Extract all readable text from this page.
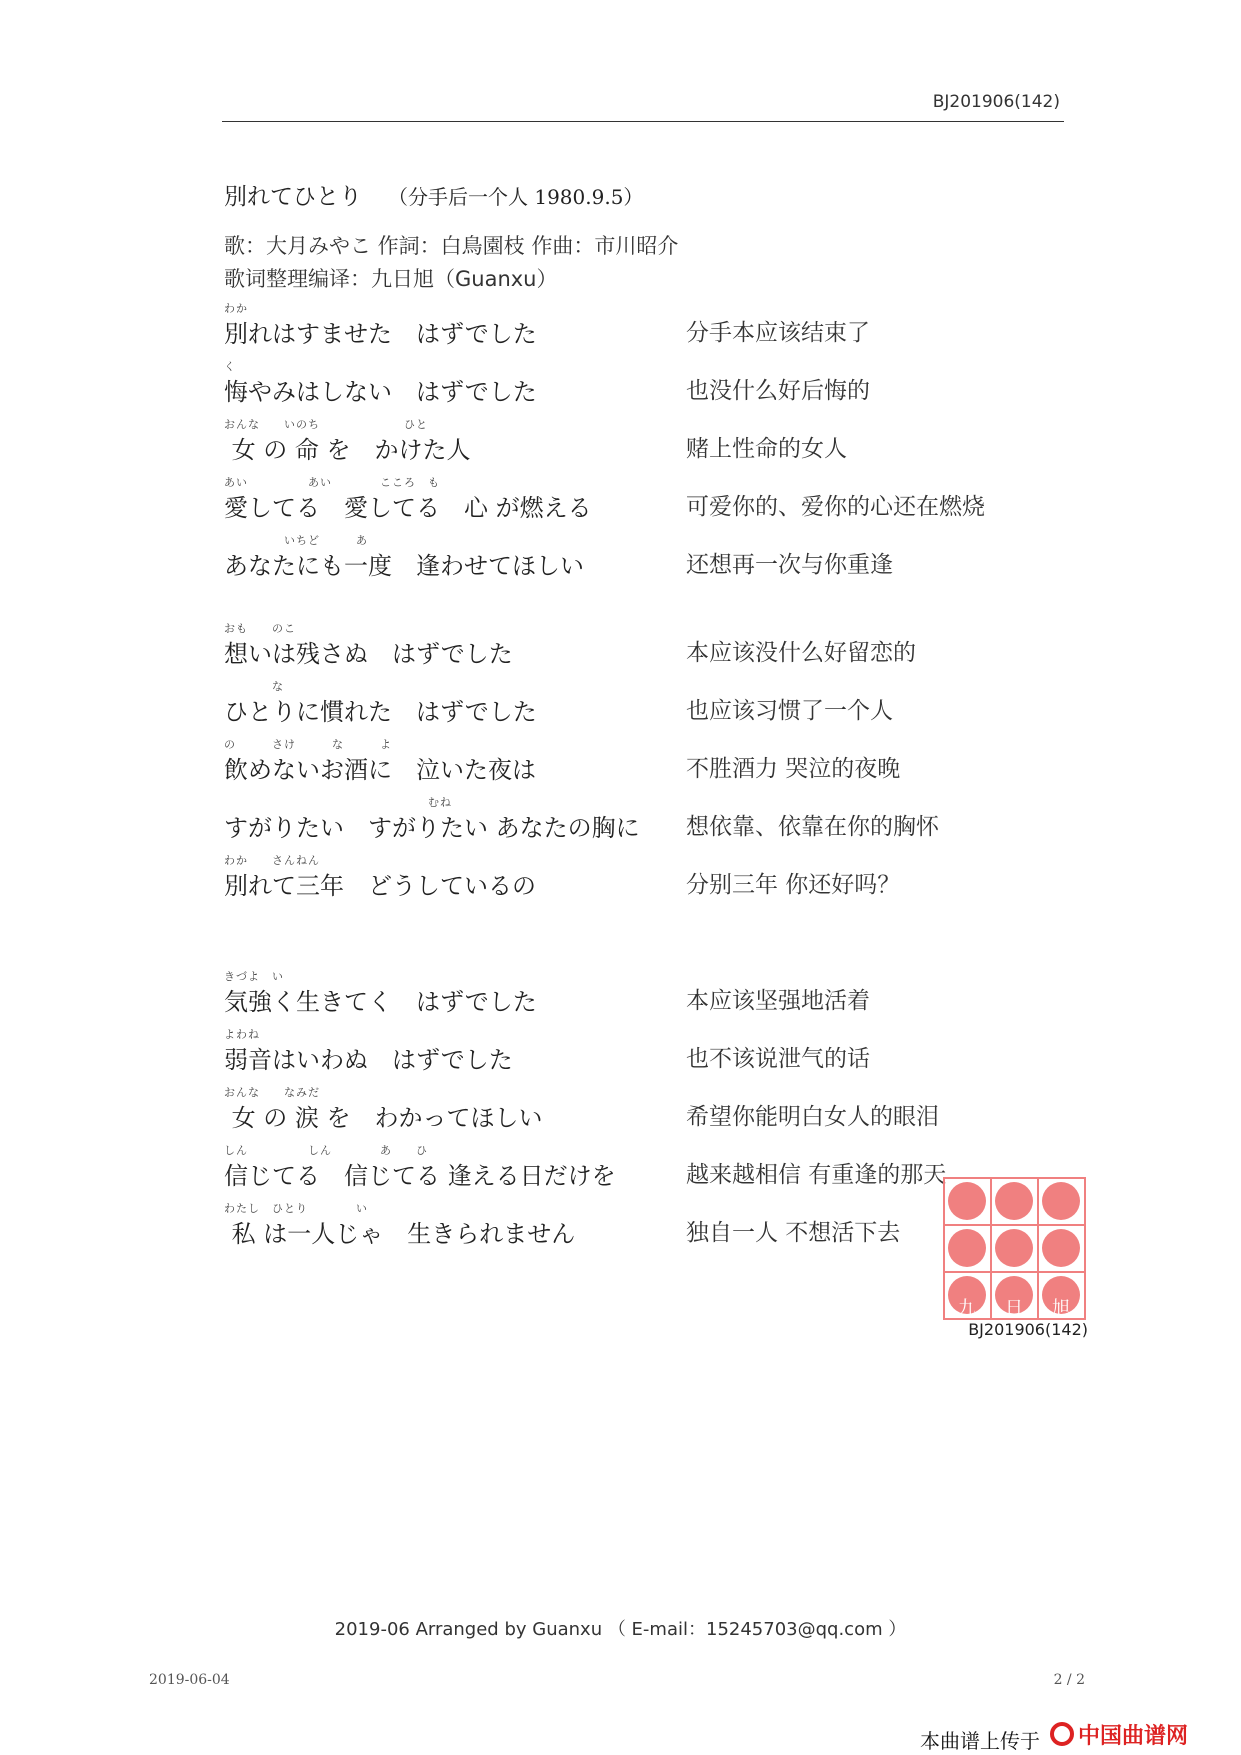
BJ201906(142)
別れてひとり （分手后一个人 1980.9.5）
歌：大月みやこ 作詞：白鳥園枝 作曲：市川昭介
歌词整理编译：九日旭（Guanxu）
わか
別れはすませた　はずでした	分手本应该结束了
く
悔やみはしない　はずでした	也没什么好后悔的
おんな　　いのち　　　　　　　ひと
女 の 命 を　かけた人	赌上性命的女人
あい　　　　　あい　　　　こころ　も
愛してる　愛してる　心 が燃える	可爱你的、爱你的心还在燃烧
　　　　　いちど　　　あ
あなたにも一度　逢わせてほしい	还想再一次与你重逢
おも　　のこ
想いは残さぬ　はずでした	本应该没什么好留恋的
　　　　な
ひとりに慣れた　はずでした	也应该习惯了一个人
の　　　さけ　　　な　　　よ
飲めないお酒に　泣いた夜は	不胜酒力 哭泣的夜晚
　　　　　　　　　　　　　　　　　むね
すがりたい　すがりたい あなたの胸に 想依靠、依靠在你的胸怀
わか　　さんねん
別れて三年　どうしているの	分别三年 你还好吗？
きづよ　い
気強く生きてく　はずでした	本应该坚强地活着
よわね
弱音はいわぬ　はずでした	也不该说泄气的话
おんな　　なみだ
女 の 涙 を　わかってほしい	希望你能明白女人的眼泪
しん　　　　　しん　　　　あ　　ひ
信じてる　信じてる 逢える日だけを	越来越相信 有重逢的那天
わたし　ひとり　　　　い
私 は一人じゃ　生きられません	独自一人 不想活下去
九 日 旭
BJ201906(142)
2019-06 Arranged by Guanxu （ E-mail：15245703@qq.com ）
2019-06-04	2 / 2
本曲谱上传于 中国曲谱网
